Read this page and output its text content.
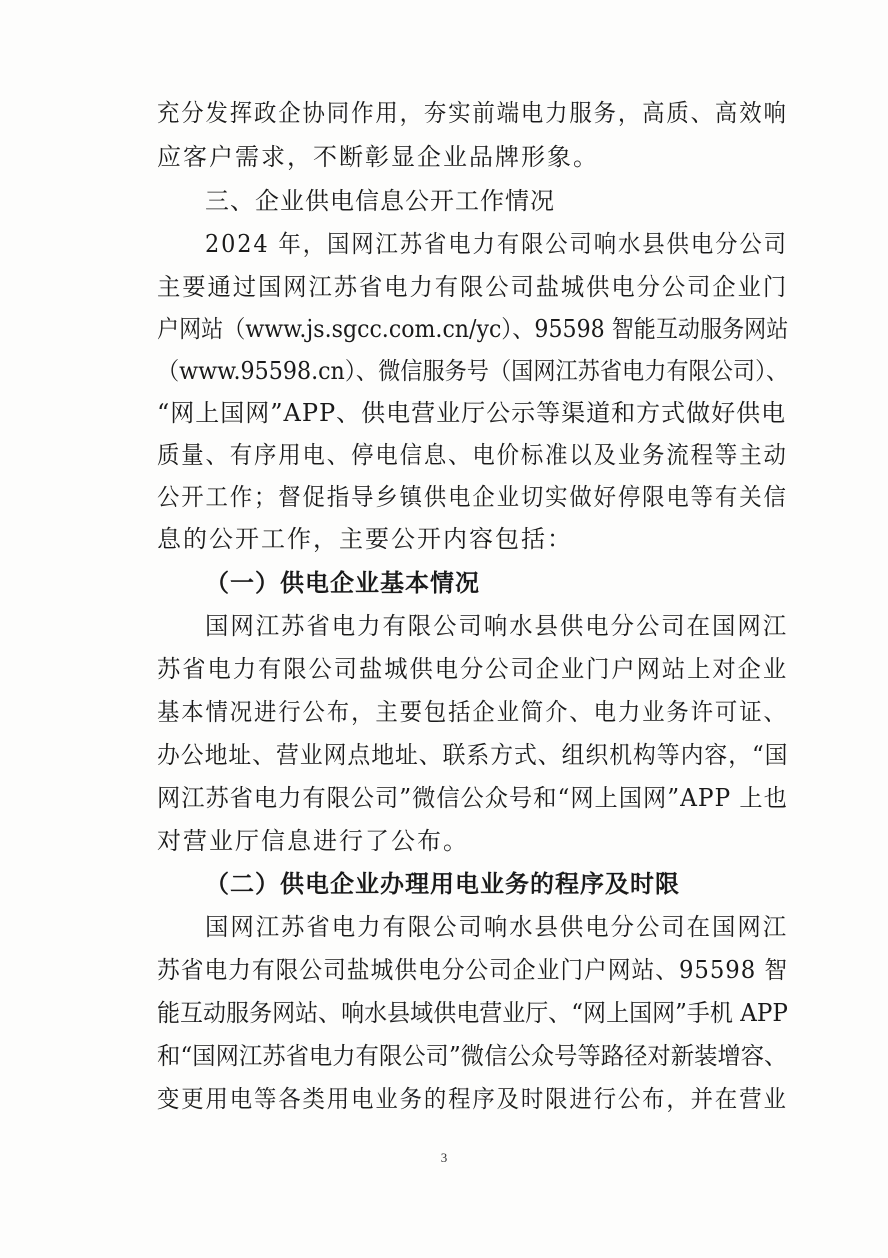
充分发挥政企协同作用，夯实前端电力服务，高质、高效响
应客户需求，不断彰显企业品牌形象。
三、企业供电信息公开工作情况
2024 年，国网江苏省电力有限公司响水县供电分公司
主要通过国网江苏省电力有限公司盐城供电分公司企业门
户网站（www.js.sgcc.com.cn/yc）、95598 智能互动服务网站
（www.95598.cn）、微信服务号（国网江苏省电力有限公司）、
“网上国网”APP、供电营业厅公示等渠道和方式做好供电
质量、有序用电、停电信息、电价标准以及业务流程等主动
公开工作；督促指导乡镇供电企业切实做好停限电等有关信
息的公开工作，主要公开内容包括：
（一）供电企业基本情况
国网江苏省电力有限公司响水县供电分公司在国网江
苏省电力有限公司盐城供电分公司企业门户网站上对企业
基本情况进行公布，主要包括企业简介、电力业务许可证、
办公地址、营业网点地址、联系方式、组织机构等内容，“国
网江苏省电力有限公司”微信公众号和“网上国网”APP 上也
对营业厅信息进行了公布。
（二）供电企业办理用电业务的程序及时限
国网江苏省电力有限公司响水县供电分公司在国网江
苏省电力有限公司盐城供电分公司企业门户网站、95598 智
能互动服务网站、响水县域供电营业厅、“网上国网”手机 APP
和“国网江苏省电力有限公司”微信公众号等路径对新装增容、
变更用电等各类用电业务的程序及时限进行公布，并在营业
3
